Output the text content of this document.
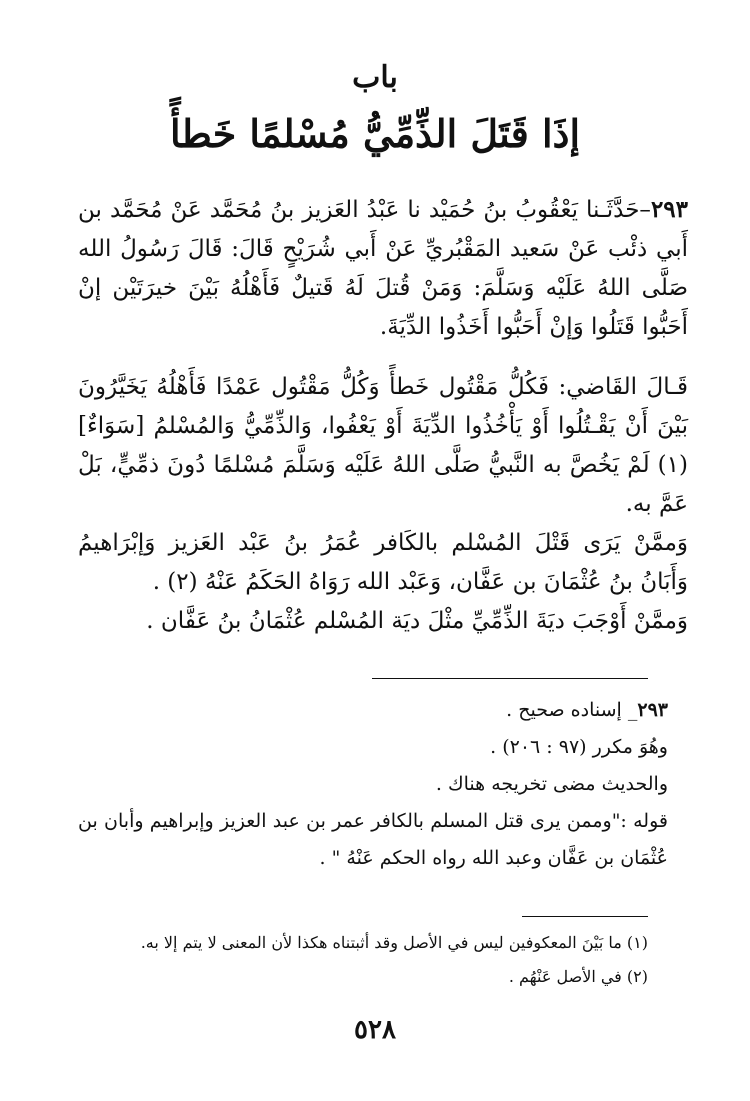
باب
إذَا قَتَلَ الذِّمِّيُّ مُسْلمًا خَطأً

٢٩٣–حَدَّثَـنا يَعْقُوبُ بنُ حُمَيْد نا عَبْدُ العَزيز بنُ مُحَمَّد عَنْ مُحَمَّد بن أَبي ذئْب عَنْ سَعيد المَقْبُريِّ عَنْ أَبي شُرَيْحٍ قَالَ: قَالَ رَسُولُ الله صَلَّى اللهُ عَلَيْه وَسَلَّمَ: وَمَنْ قُتلَ لَهُ قَتيلٌ فَأَهْلُهُ بَيْنَ خيرَتَيْن إنْ أَحَبُّوا قَتَلُوا وَإنْ أَحَبُّوا أَخَذُوا الدِّيَةَ.

قَـالَ القَاضي: فَكُلُّ مَقْتُول خَطأً وَكُلُّ مَقْتُول عَمْدًا فَأَهْلُهُ يَخَيَّرُونَ بَيْنَ أَنْ يَقْـتُلُوا أَوْ يَأْخُذُوا الدِّيَةَ أَوْ يَعْفُوا، وَالذِّمِّيُّ وَالمُسْلمُ [سَوَاءٌ](١) لَمْ يَخُصَّ به النَّبيُّ صَلَّى اللهُ عَلَيْه وَسَلَّمَ مُسْلمًا دُونَ ذمِّيٍّ، بَلْ عَمَّ به.

وَممَّنْ يَرَى قَتْلَ المُسْلم بالكَافر عُمَرُ بنُ عَبْد العَزيز وَإبْرَاهيمُ وَأَبَانُ بنُ عُثْمَانَ بن عَفَّان، وَعَبْد الله رَوَاهُ الحَكَمُ عَنْهُ (٢) .

وَممَّنْ أَوْجَبَ ديَةَ الذِّمِّيِّ مثْلَ ديَة المُسْلم عُثْمَانُ بنُ عَفَّان .

٢٩٣_ إسناده صحيح .

وهُوَ مكرر (٩٧ : ٢٠٦) .

والحديث مضى تخريجه هناك .

قوله :"وممن يرى قتل المسلم بالكافر عمر بن عبد العزيز وإبراهيم وأبان بن عُثْمَان بن عَفَّان وعبد الله رواه الحكم عَنْهُ " .

(١) ما بَيْنَ المعكوفين ليس في الأصل وقد أثبتناه هكذا لأن المعنى لا يتم إلا به.

(٢) في الأصل عَنْهُم .

٥٢٨
